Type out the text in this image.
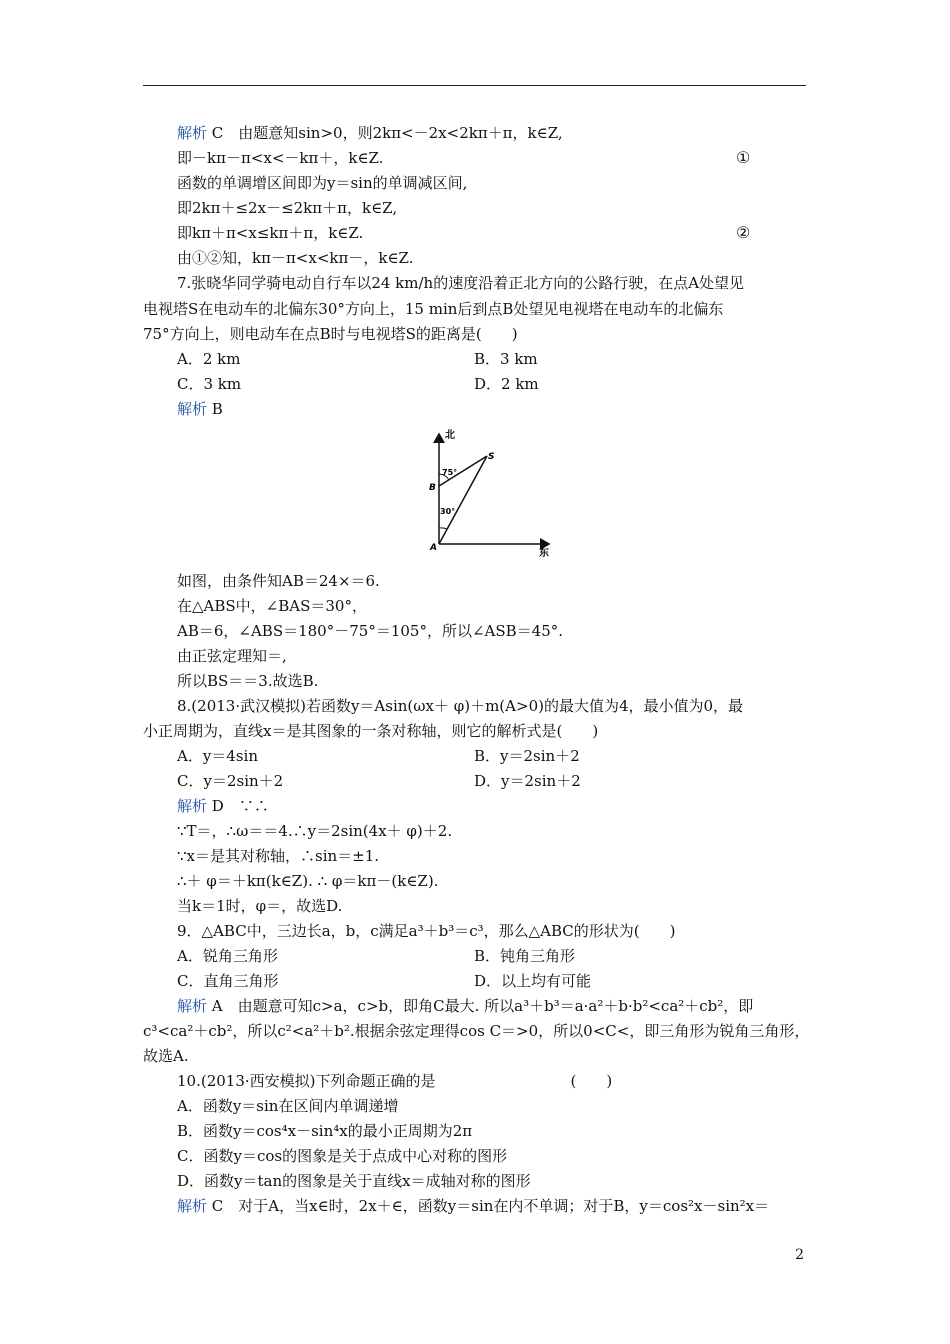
解析 C　 由题意知sin>0，则2kπ<－2x<2kπ＋π，k∈Z,
即－kπ－π<x<－kπ＋，k∈Z.	①
函数的单调增区间即为y＝sin的单调减区间,
即2kπ＋≤2x－≤2kπ＋π，k∈Z,
即kπ＋π<x≤kπ＋π，k∈Z.	②
由①②知，kπ－π<x<kπ－，k∈Z.
7.张晓华同学骑电动自行车以24 km/h的速度沿着正北方向的公路行驶，在点A处望见
电视塔S在电动车的北偏东30°方向上，15 min后到点B处望见电视塔在电动车的北偏东
75°方向上，则电动车在点B时与电视塔S的距离是(　　)
A．2 km	B．3 km
C．3 km	D．2 km
解析 B
北
东
A
B
S
75°
30°
如图，由条件知AB＝24×＝6.
在△ABS中，∠BAS＝30°，
AB＝6，∠ABS＝180°－75°＝105°，所以∠ASB＝45°.
由正弦定理知＝,
所以BS＝＝3.故选B.
8.(2013·武汉模拟)若函数y＝Asin(ωx＋ φ)＋m(A>0)的最大值为4，最小值为0，最
小正周期为，直线x＝是其图象的一条对称轴，则它的解析式是(　　)
A．y＝4sin	B．y＝2sin＋2
C．y＝2sin＋2	D．y＝2sin＋2
解析 D　∵∴
∵T＝，∴ω＝＝4.∴y＝2sin(4x＋ φ)＋2.
∵x＝是其对称轴，∴sin＝±1.
∴＋ φ＝＋kπ(k∈Z). ∴ φ＝kπ－(k∈Z).
当k＝1时，φ＝，故选D.
9．△ABC中，三边长a，b，c满足a³＋b³＝c³，那么△ABC的形状为(　　)
A．锐角三角形	B．钝角三角形
C．直角三角形	D．以上均有可能
解析 A　由题意可知c>a，c>b，即角C最大. 所以a³＋b³＝a·a²＋b·b²<ca²＋cb²，即
c³<ca²＋cb²，所以c²<a²＋b².根据余弦定理得cos C＝>0，所以0<C<，即三角形为锐角三角形，
故选A.
10.(2013·西安模拟)下列命题正确的是　　　　　　　　　(　　)
A．函数y＝sin在区间内单调递增
B．函数y＝cos⁴x－sin⁴x的最小正周期为2π
C．函数y＝cos的图象是关于点成中心对称的图形
D．函数y＝tan的图象是关于直线x＝成轴对称的图形
解析 C　对于A，当x∈时，2x＋∈，函数y＝sin在内不单调；对于B，y＝cos²x－sin²x＝
2
